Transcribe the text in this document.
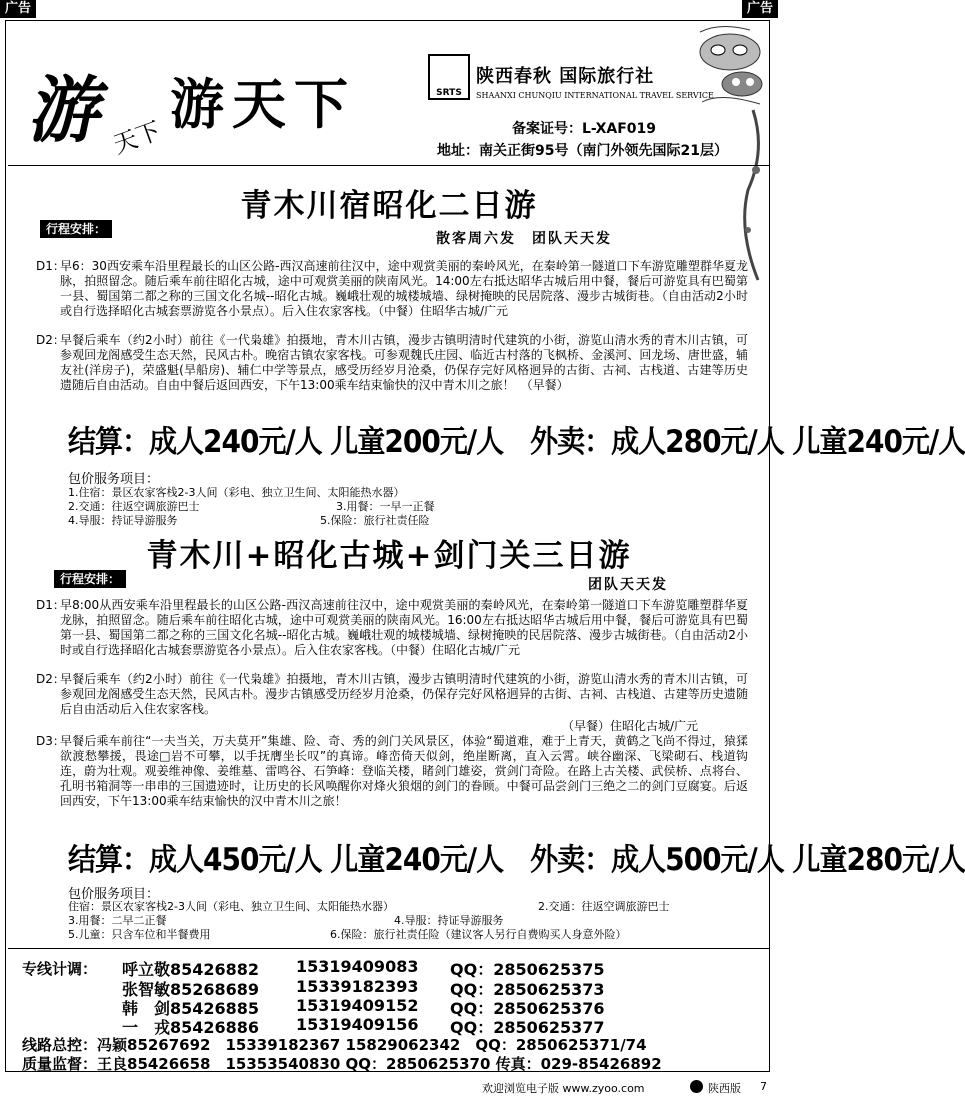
广告	广告
游 天下
游天下	SRTS
陕西春秋 国际旅行社
SHAANXI CHUNQIU INTERNATIONAL TRAVEL SERVICE
备案证号：L-XAF019
地址：南关正街95号（南门外领先国际21层）
青木川宿昭化二日游
行程安排：
散客周六发　团队天天发
D1：
早6：30西安乘车沿里程最长的山区公路-西汉高速前往汉中，途中观赏美丽的秦岭风光，在秦岭第一隧道口下车游览雕塑群华夏龙脉，拍照留念。随后乘车前往昭化古城，途中可观赏美丽的陕南风光。14:00左右抵达昭华古城后用中餐，餐后可游览具有巴蜀第一县、蜀国第二都之称的三国文化名城--昭化古城。巍峨壮观的城楼城墙、绿树掩映的民居院落、漫步古城街巷。（自由活动2小时或自行选择昭化古城套票游览各小景点）。后入住农家客栈。（中餐）住昭华古城/广元
D2：
早餐后乘车（约2小时）前往《一代枭雄》拍摄地，青木川古镇，漫步古镇明清时代建筑的小街，游览山清水秀的青木川古镇，可参观回龙阁感受生态天然，民风古朴。晚宿古镇农家客栈。可参观魏氏庄园、临近古村落的飞枫桥、金溪河、回龙场、唐世盛，辅友社(洋房子)，荣盛魁(旱船房)、辅仁中学等景点，感受历经岁月沧桑，仍保存完好风格迥异的古街、古祠、古栈道、古建等历史遗随后自由活动。自由中餐后返回西安，下午13:00乘车结束愉快的汉中青木川之旅！　（早餐）
结算：成人240元/人 儿童200元/人　外卖：成人280元/人 儿童240元/人
包价服务项目：
1.住宿：景区农家客栈2-3人间（彩电、独立卫生间、太阳能热水器）
2.交通：往返空调旅游巴士	3.用餐：一早一正餐
4.导服：持证导游服务	5.保险：旅行社责任险
青木川+昭化古城+剑门关三日游
行程安排：	团队天天发
D1：
早8:00从西安乘车沿里程最长的山区公路-西汉高速前往汉中，途中观赏美丽的秦岭风光，在秦岭第一隧道口下车游览雕塑群华夏龙脉，拍照留念。随后乘车前往昭化古城，途中可观赏美丽的陕南风光。16:00左右抵达昭华古城后用中餐，餐后可游览具有巴蜀第一县、蜀国第二都之称的三国文化名城--昭化古城。巍峨壮观的城楼城墙、绿树掩映的民居院落、漫步古城街巷。（自由活动2小时或自行选择昭化古城套票游览各小景点）。后入住农家客栈。（中餐）住昭化古城/广元
D2：
早餐后乘车（约2小时）前往《一代枭雄》拍摄地，青木川古镇，漫步古镇明清时代建筑的小街，游览山清水秀的青木川古镇，可参观回龙阁感受生态天然，民风古朴。漫步古镇感受历经岁月沧桑，仍保存完好风格迥异的古街、古祠、古栈道、古建等历史遗随后自由活动后入住农家客栈。
（早餐）住昭化古城/广元
D3：
早餐后乘车前往“一夫当关，万夫莫开”集雄、险、奇、秀的剑门关风景区，体验“蜀道难，难于上青天，黄鹤之飞尚不得过，猿猱欲渡愁攀援，畏途□岩不可攀，以手抚膺坐长叹”的真谛。峰峦倚天似剑，绝崖断离，直入云霄。峡谷幽深、飞梁砌石、栈道钩连，蔚为壮观。观姜维神像、姜维墓、雷鸣谷、石笋峰：登临关楼，睹剑门雄姿，赏剑门奇险。在路上古关楼、武侯桥、点将台、孔明书箱洞等一串串的三国遗迹时，让历史的长风唤醒你对烽火狼烟的剑门的眷顾。中餐可品尝剑门三绝之二的剑门豆腐宴。后返回西安，下午13:00乘车结束愉快的汉中青木川之旅！
结算：成人450元/人 儿童240元/人　外卖：成人500元/人 儿童280元/人
包价服务项目：
住宿：景区农家客栈2-3人间（彩电、独立卫生间、太阳能热水器）	2.交通：往返空调旅游巴士
3.用餐：二早二正餐	4.导服：持证导游服务
5.儿童：只含车位和半餐费用	6.保险：旅行社责任险（建议客人另行自费购买人身意外险）
专线计调： 呼立敬85426882 15319409083 QQ：2850625375
张智敏85268689 15339182393 QQ：2850625373
韩　剑85426885 15319409152 QQ：2850625376
一　戎85426886 15319409156 QQ：2850625377
线路总控：冯颖85267692　15339182367 15829062342　QQ：2850625371/74
质量监督：王良85426658　15353540830 QQ：2850625370 传真：029-85426892
欢迎浏览电子版 www.zyoo.com	陕西版 7
